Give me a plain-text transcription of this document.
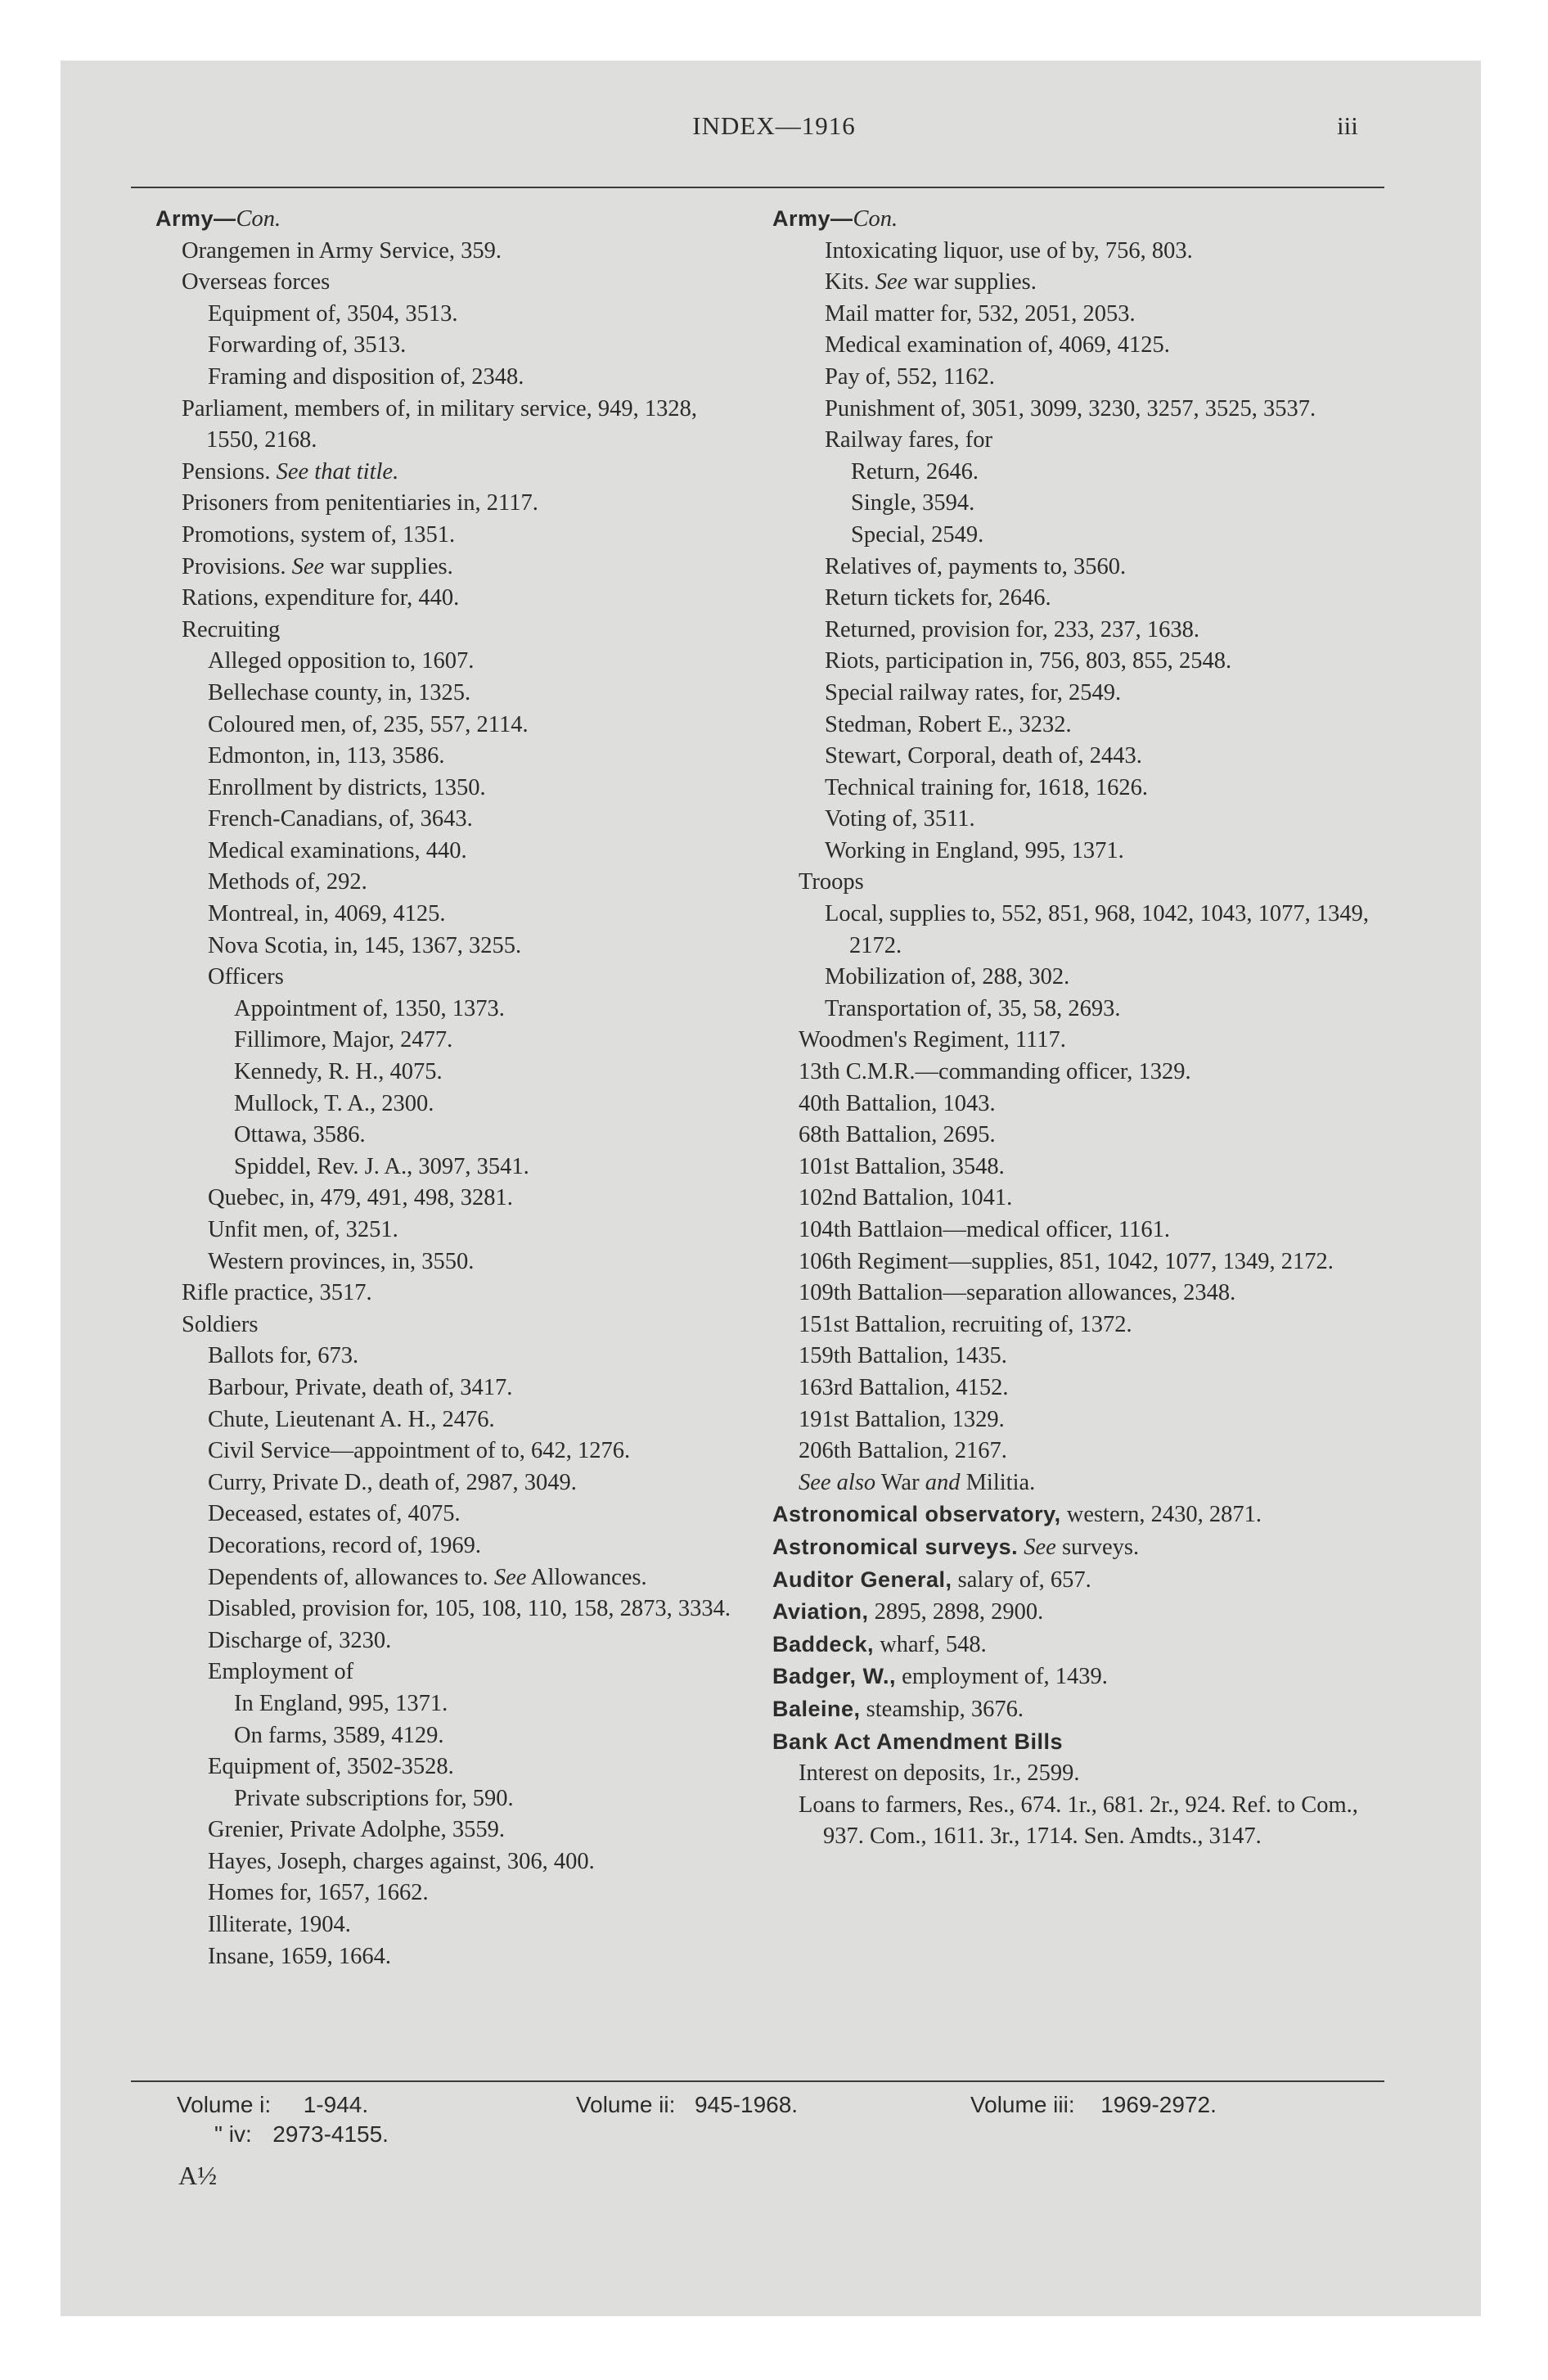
INDEX—1916	iii
Army—Con.
Orangemen in Army Service, 359.
Overseas forces
Equipment of, 3504, 3513.
Forwarding of, 3513.
Framing and disposition of, 2348.
Parliament, members of, in military service, 949, 1328, 1550, 2168.
Pensions. See that title.
Prisoners from penitentiaries in, 2117.
Promotions, system of, 1351.
Provisions. See war supplies.
Rations, expenditure for, 440.
Recruiting
Alleged opposition to, 1607.
Bellechase county, in, 1325.
Coloured men, of, 235, 557, 2114.
Edmonton, in, 113, 3586.
Enrollment by districts, 1350.
French-Canadians, of, 3643.
Medical examinations, 440.
Methods of, 292.
Montreal, in, 4069, 4125.
Nova Scotia, in, 145, 1367, 3255.
Officers
Appointment of, 1350, 1373.
Fillimore, Major, 2477.
Kennedy, R. H., 4075.
Mullock, T. A., 2300.
Ottawa, 3586.
Spiddel, Rev. J. A., 3097, 3541.
Quebec, in, 479, 491, 498, 3281.
Unfit men, of, 3251.
Western provinces, in, 3550.
Rifle practice, 3517.
Soldiers
Ballots for, 673.
Barbour, Private, death of, 3417.
Chute, Lieutenant A. H., 2476.
Civil Service—appointment of to, 642, 1276.
Curry, Private D., death of, 2987, 3049.
Deceased, estates of, 4075.
Decorations, record of, 1969.
Dependents of, allowances to. See Allowances.
Disabled, provision for, 105, 108, 110, 158, 2873, 3334.
Discharge of, 3230.
Employment of
In England, 995, 1371.
On farms, 3589, 4129.
Equipment of, 3502-3528.
Private subscriptions for, 590.
Grenier, Private Adolphe, 3559.
Hayes, Joseph, charges against, 306, 400.
Homes for, 1657, 1662.
Illiterate, 1904.
Insane, 1659, 1664.
Army—Con.
Intoxicating liquor, use of by, 756, 803.
Kits. See war supplies.
Mail matter for, 532, 2051, 2053.
Medical examination of, 4069, 4125.
Pay of, 552, 1162.
Punishment of, 3051, 3099, 3230, 3257, 3525, 3537.
Railway fares, for
Return, 2646.
Single, 3594.
Special, 2549.
Relatives of, payments to, 3560.
Return tickets for, 2646.
Returned, provision for, 233, 237, 1638.
Riots, participation in, 756, 803, 855, 2548.
Special railway rates, for, 2549.
Stedman, Robert E., 3232.
Stewart, Corporal, death of, 2443.
Technical training for, 1618, 1626.
Voting of, 3511.
Working in England, 995, 1371.
Troops
Local, supplies to, 552, 851, 968, 1042, 1043, 1077, 1349, 2172.
Mobilization of, 288, 302.
Transportation of, 35, 58, 2693.
Woodmen's Regiment, 1117.
13th C.M.R.—commanding officer, 1329.
40th Battalion, 1043.
68th Battalion, 2695.
101st Battalion, 3548.
102nd Battalion, 1041.
104th Battlaion—medical officer, 1161.
106th Regiment—supplies, 851, 1042, 1077, 1349, 2172.
109th Battalion—separation allowances, 2348.
151st Battalion, recruiting of, 1372.
159th Battalion, 1435.
163rd Battalion, 4152.
191st Battalion, 1329.
206th Battalion, 2167.
See also War and Militia.
Astronomical observatory, western, 2430, 2871.
Astronomical surveys. See surveys.
Auditor General, salary of, 657.
Aviation, 2895, 2898, 2900.
Baddeck, wharf, 548.
Badger, W., employment of, 1439.
Baleine, steamship, 3676.
Bank Act Amendment Bills
Interest on deposits, 1r., 2599.
Loans to farmers, Res., 674. 1r., 681. 2r., 924. Ref. to Com., 937. Com., 1611. 3r., 1714. Sen. Amdts., 3147.
Volume i: 1-944.	Volume ii: 945-1968.	Volume iii: 1969-2972.
" iv: 2973-4155.
A½
